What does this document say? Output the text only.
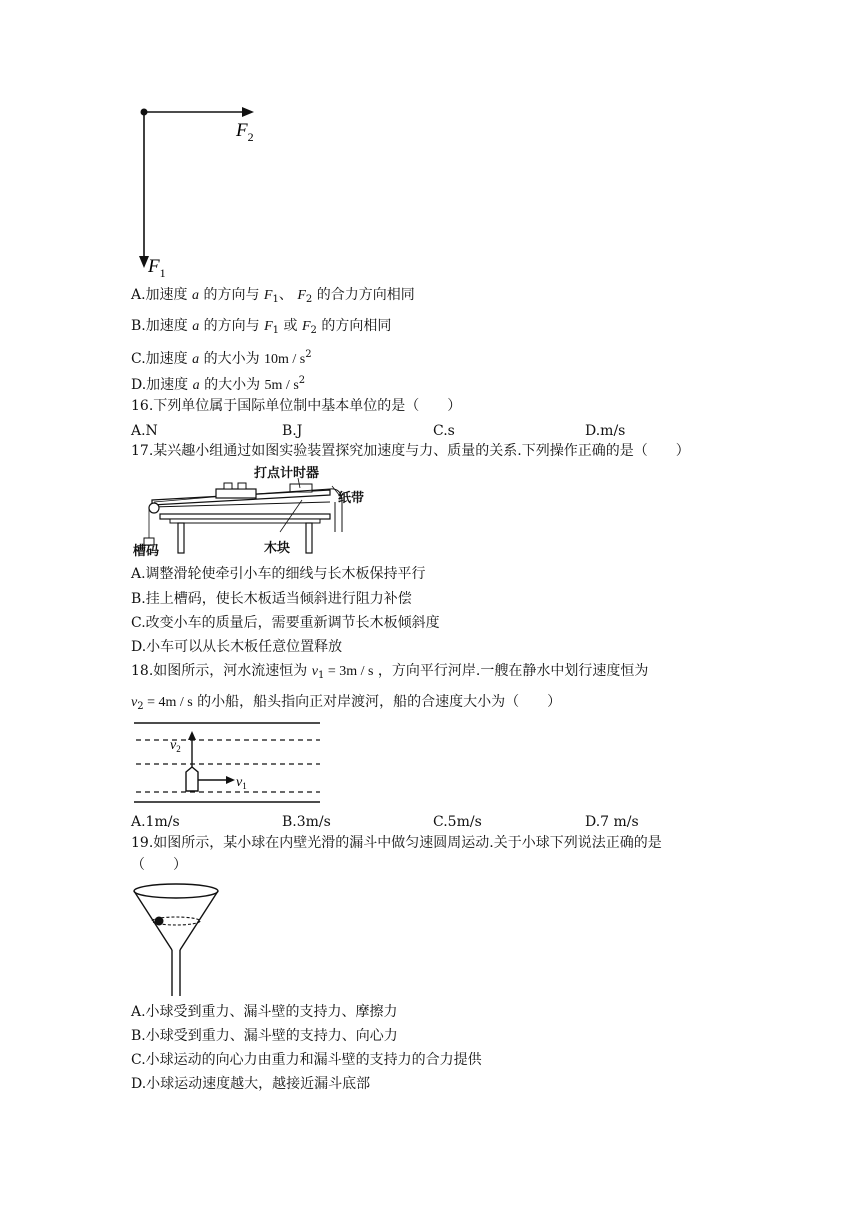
$F_2$
$F_1$
A.加速度 a 的方向与 $F_1$、 $F_2$ 的合力方向相同
B.加速度 a 的方向与 $F_1$ 或 $F_2$ 的方向相同
C.加速度 a 的大小为 $10m / s^2$
D.加速度 a 的大小为 $5m / s^2$
16.下列单位属于国际单位制中基本单位的是（　　）
A.N	B.J	C.s	D.m/s
17.某兴趣小组通过如图实验装置探究加速度与力、质量的关系.下列操作正确的是（　　）
打点计时器
纸带
槽码	木块
A.调整滑轮使牵引小车的细线与长木板保持平行
B.挂上槽码，使长木板适当倾斜进行阻力补偿
C.改变小车的质量后，需要重新调节长木板倾斜度
D.小车可以从长木板任意位置释放
18.如图所示，河水流速恒为 $v_1 = 3m / s$ ，方向平行河岸.一艘在静水中划行速度恒为
$v_2 = 4m / s$ 的小船，船头指向正对岸渡河，船的合速度大小为（　　）
$v_2$
$v_1$
A.1m/s	B.3m/s	C.5m/s	D.7 m/s
19.如图所示，某小球在内壁光滑的漏斗中做匀速圆周运动.关于小球下列说法正确的是
（　　）
A.小球受到重力、漏斗壁的支持力、摩擦力
B.小球受到重力、漏斗壁的支持力、向心力
C.小球运动的向心力由重力和漏斗壁的支持力的合力提供
D.小球运动速度越大，越接近漏斗底部
